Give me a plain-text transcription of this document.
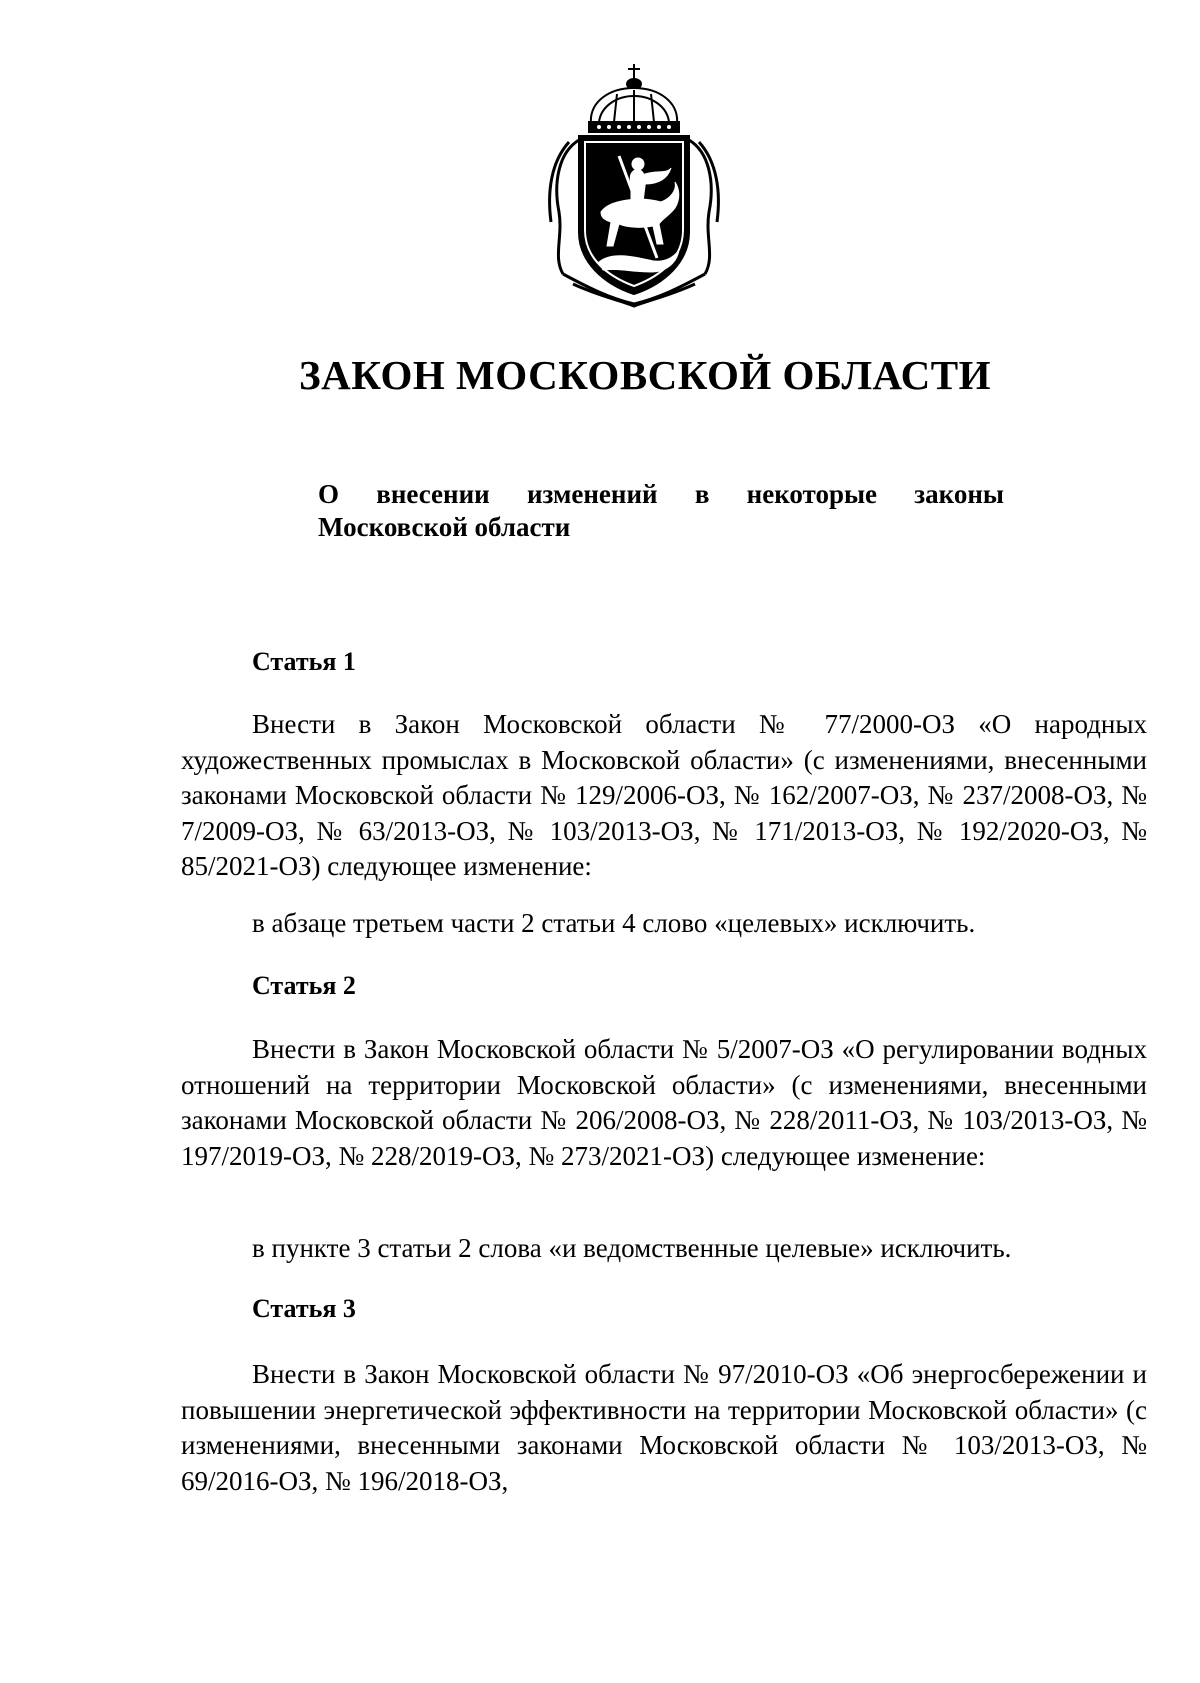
ЗАКОН МОСКОВСКОЙ ОБЛАСТИ
О внесении изменений в некоторые законы
Московской области
Статья 1

Внести в Закон Московской области № 77/2000-ОЗ «О народных художественных промыслах в Московской области» (с изменениями, внесенными законами Московской области № 129/2006-ОЗ, № 162/2007-ОЗ, № 237/2008-ОЗ, № 7/2009-ОЗ, № 63/2013-ОЗ, № 103/2013-ОЗ, № 171/2013-ОЗ, № 192/2020-ОЗ, № 85/2021-ОЗ) следующее изменение:

в абзаце третьем части 2 статьи 4 слово «целевых» исключить.

Статья 2

Внести в Закон Московской области № 5/2007-ОЗ «О регулировании водных отношений на территории Московской области» (с изменениями, внесенными законами Московской области № 206/2008-ОЗ, № 228/2011-ОЗ, № 103/2013-ОЗ, № 197/2019-ОЗ, № 228/2019-ОЗ, № 273/2021-ОЗ) следующее изменение:

в пункте 3 статьи 2 слова «и ведомственные целевые» исключить.

Статья 3

Внести в Закон Московской области № 97/2010-ОЗ «Об энергосбережении и повышении энергетической эффективности на территории Московской области» (с изменениями, внесенными законами Московской области № 103/2013-ОЗ, № 69/2016-ОЗ, № 196/2018-ОЗ,
